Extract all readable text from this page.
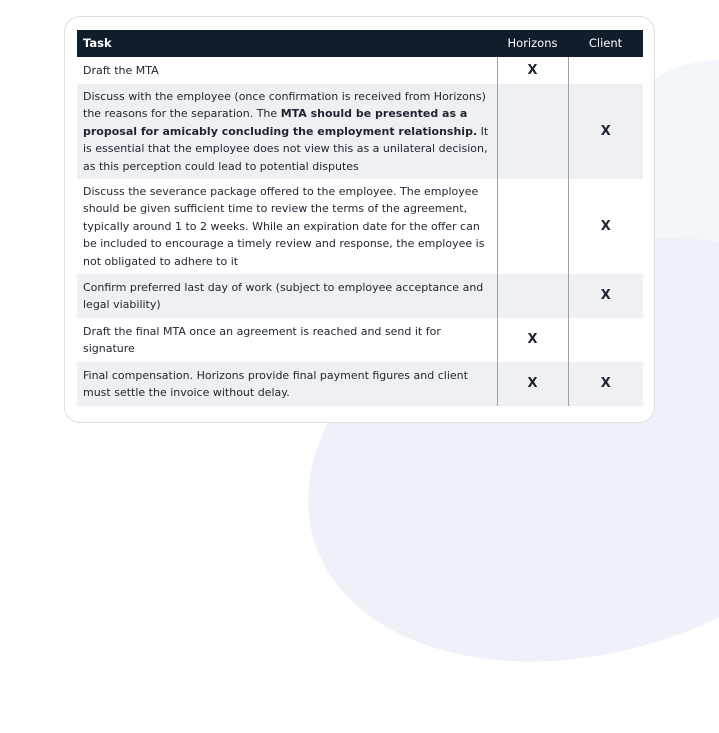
Task	Horizons	Client
Draft the MTA	X	
Discuss with the employee (once confirmation is received from Horizons) the reasons for the separation. The MTA should be presented as a proposal for amicably concluding the employment relationship. It is essential that the employee does not view this as a unilateral decision, as this perception could lead to potential disputes		X
Discuss the severance package offered to the employee. The employee should be given sufficient time to review the terms of the agreement, typically around 1 to 2 weeks. While an expiration date for the offer can be included to encourage a timely review and response, the employee is not obligated to adhere to it		X
Confirm preferred last day of work (subject to employee acceptance and legal viability)		X
Draft the final MTA once an agreement is reached and send it for signature	X	
Final compensation. Horizons provide final payment figures and client must settle the invoice without delay.	X	X
